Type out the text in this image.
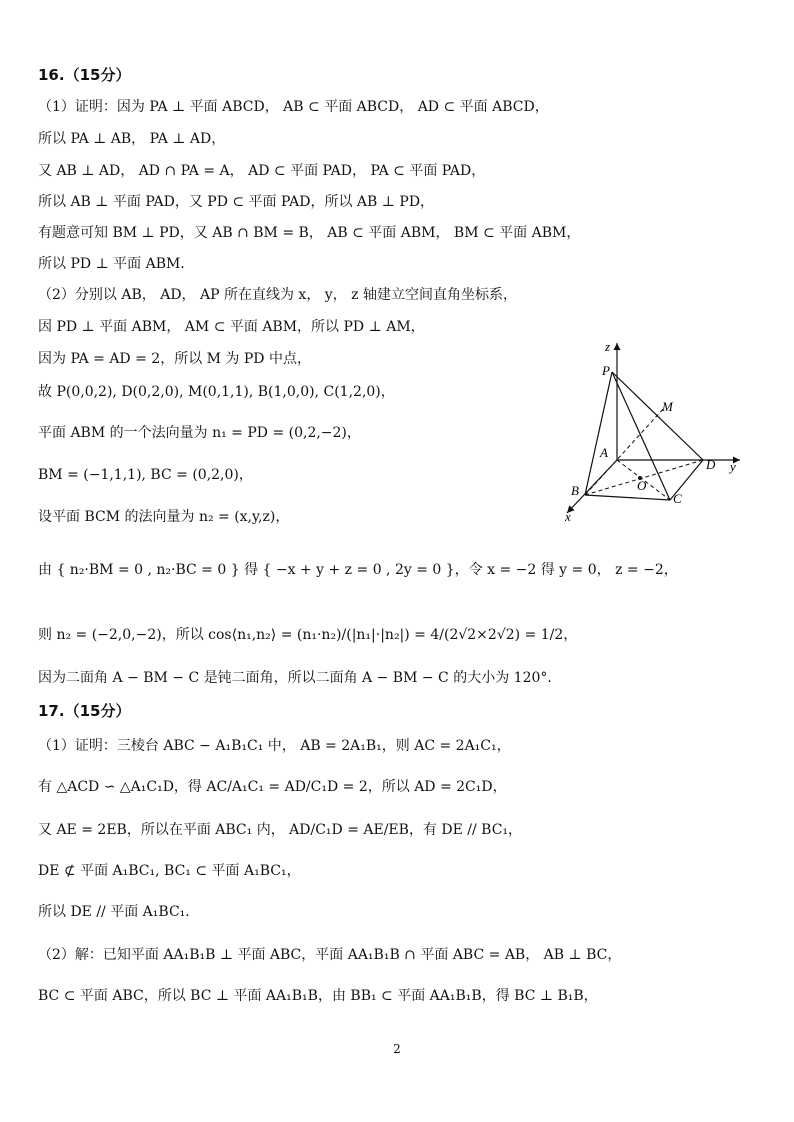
16.（15分）
（1）证明：因为 PA ⊥ 平面 ABCD， AB ⊂ 平面 ABCD， AD ⊂ 平面 ABCD，
所以 PA ⊥ AB， PA ⊥ AD，
又 AB ⊥ AD， AD ∩ PA = A， AD ⊂ 平面 PAD， PA ⊂ 平面 PAD，
所以 AB ⊥ 平面 PAD，又 PD ⊂ 平面 PAD，所以 AB ⊥ PD，
有题意可知 BM ⊥ PD，又 AB ∩ BM = B， AB ⊂ 平面 ABM， BM ⊂ 平面 ABM，
所以 PD ⊥ 平面 ABM．
（2）分别以 AB， AD， AP 所在直线为 x， y， z 轴建立空间直角坐标系，
因 PD ⊥ 平面 ABM， AM ⊂ 平面 ABM，所以 PD ⊥ AM，
因为 PA = AD = 2，所以 M 为 PD 中点，
故 P(0,0,2), D(0,2,0), M(0,1,1), B(1,0,0), C(1,2,0)，
平面 ABM 的一个法向量为 n₁ = PD = (0,2,−2)，
BM = (−1,1,1), BC = (0,2,0)，
设平面 BCM 的法向量为 n₂ = (x,y,z)，
由 { n₂·BM = 0 , n₂·BC = 0 } 得 { −x + y + z = 0 , 2y = 0 }，令 x = −2 得 y = 0， z = −2，
则 n₂ = (−2,0,−2)，所以 cos⟨n₁,n₂⟩ = (n₁·n₂)/(|n₁|·|n₂|) = 4/(2√2×2√2) = 1/2，
因为二面角 A − BM − C 是钝二面角，所以二面角 A − BM − C 的大小为 120°．
17.（15分）
（1）证明：三棱台 ABC − A₁B₁C₁ 中， AB = 2A₁B₁，则 AC = 2A₁C₁，
有 △ACD ∽ △A₁C₁D，得 AC/A₁C₁ = AD/C₁D = 2，所以 AD = 2C₁D，
又 AE = 2EB，所以在平面 ABC₁ 内， AD/C₁D = AE/EB，有 DE // BC₁，
DE ⊄ 平面 A₁BC₁, BC₁ ⊂ 平面 A₁BC₁，
所以 DE // 平面 A₁BC₁．
（2）解：已知平面 AA₁B₁B ⊥ 平面 ABC，平面 AA₁B₁B ∩ 平面 ABC = AB， AB ⊥ BC，
BC ⊂ 平面 ABC，所以 BC ⊥ 平面 AA₁B₁B，由 BB₁ ⊂ 平面 AA₁B₁B，得 BC ⊥ B₁B，
z
P
M
A
D y
O
B
C
x
2
